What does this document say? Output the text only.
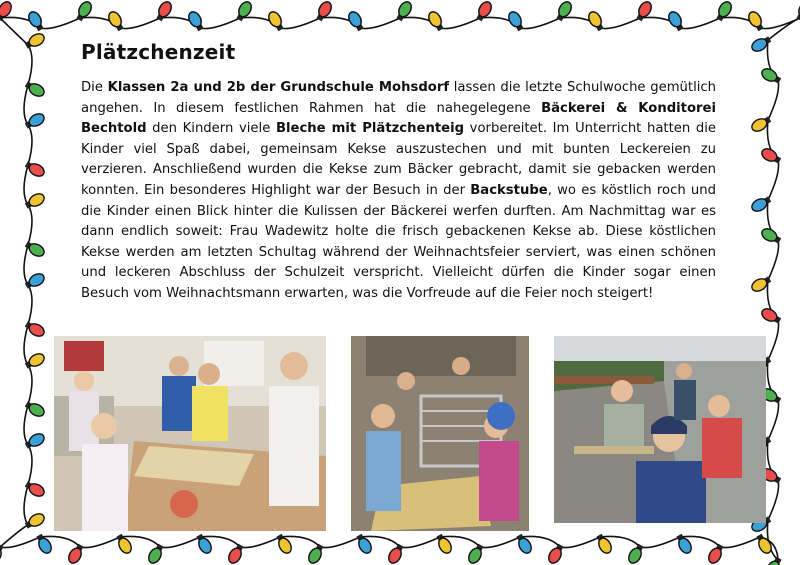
Plätzchenzeit
Die Klassen 2a und 2b der Grundschule Mohsdorf lassen die letzte Schulwoche gemütlich angehen. In diesem festlichen Rahmen hat die nahegelegene Bäckerei & Konditorei Bechtold den Kindern viele Bleche mit Plätzchenteig vorbereitet. Im Unterricht hatten die Kinder viel Spaß dabei, gemeinsam Kekse auszustechen und mit bunten Leckereien zu verzieren. Anschließend wurden die Kekse zum Bäcker gebracht, damit sie gebacken werden konnten. Ein besonderes Highlight war der Besuch in der Backstube, wo es köstlich roch und die Kinder einen Blick hinter die Kulissen der Bäckerei werfen durften. Am Nachmittag war es dann endlich soweit: Frau Wadewitz holte die frisch gebackenen Kekse ab. Diese köstlichen Kekse werden am letzten Schultag während der Weihnachtsfeier serviert, was einen schönen und leckeren Abschluss der Schulzeit verspricht. Vielleicht dürfen die Kinder sogar einen Besuch vom Weihnachtsmann erwarten, was die Vorfreude auf die Feier noch steigert!
